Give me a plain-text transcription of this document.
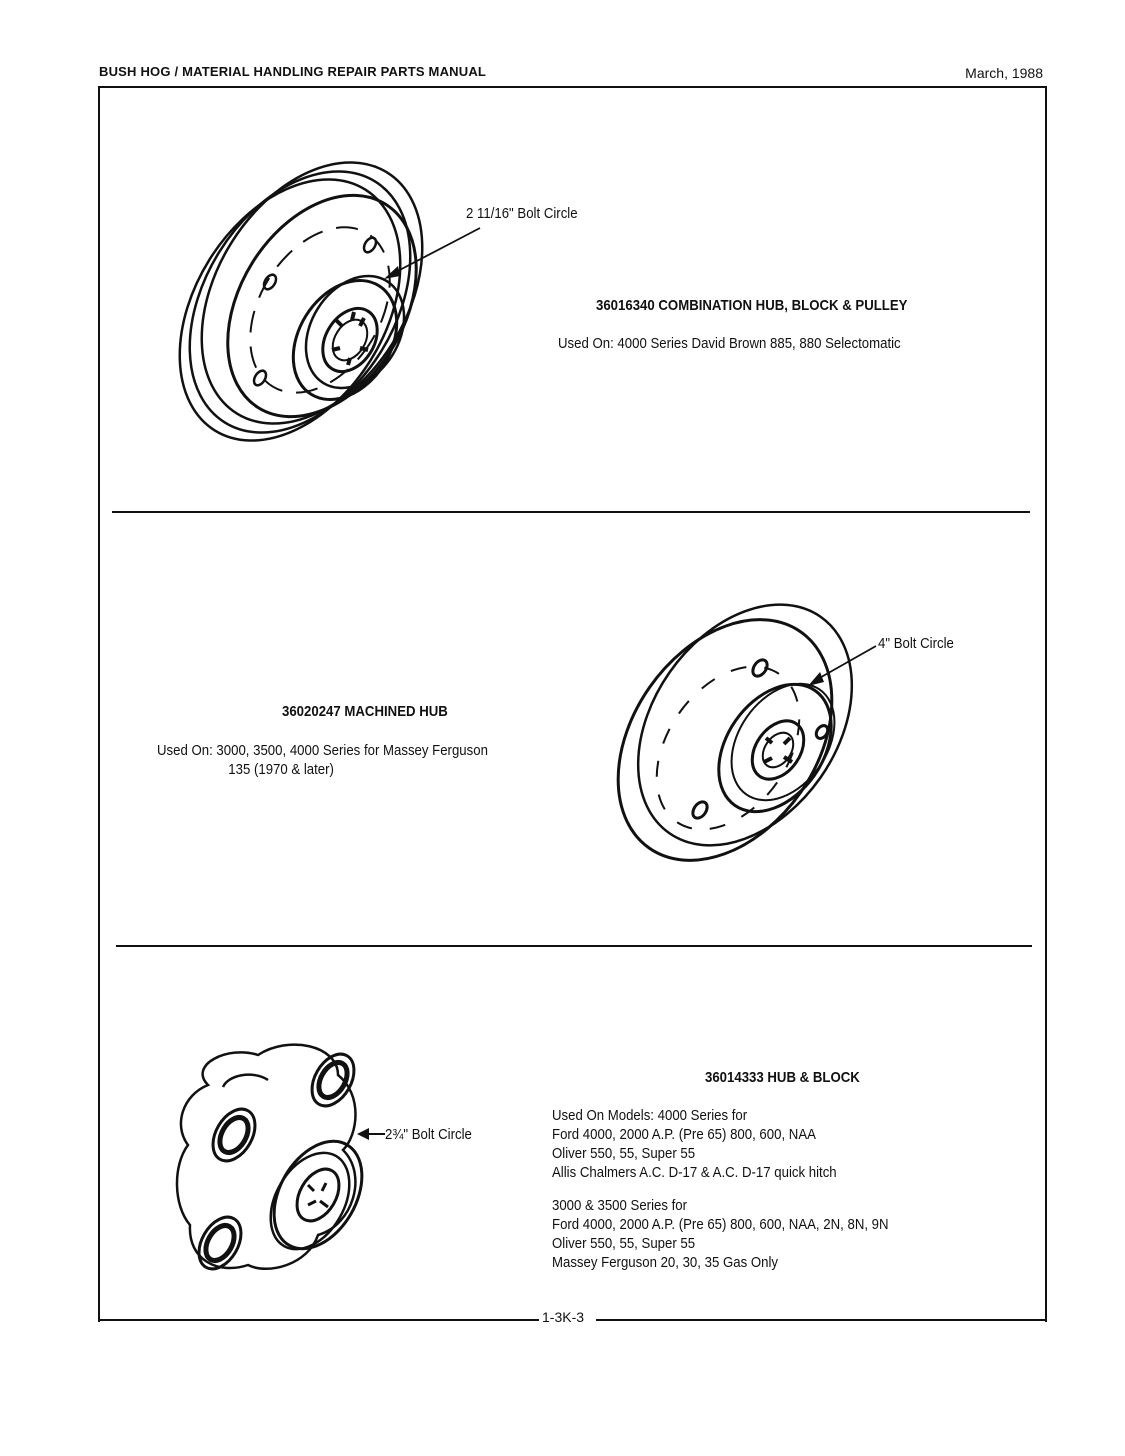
BUSH HOG / MATERIAL HANDLING REPAIR PARTS MANUAL	March, 1988
1-3K-3
2 11/16" Bolt Circle
36016340 COMBINATION HUB, BLOCK & PULLEY
Used On: 4000 Series David Brown 885, 880 Selectomatic
4" Bolt Circle
36020247 MACHINED HUB
Used On: 3000, 3500, 4000 Series for Massey Ferguson
135 (1970 & later)
2¾" Bolt Circle
36014333 HUB & BLOCK
Used On Models: 4000 Series for
Ford 4000, 2000 A.P. (Pre 65) 800, 600, NAA
Oliver 550, 55, Super 55
Allis Chalmers A.C. D-17 & A.C. D-17 quick hitch
3000 & 3500 Series for
Ford 4000, 2000 A.P. (Pre 65) 800, 600, NAA, 2N, 8N, 9N
Oliver 550, 55, Super 55
Massey Ferguson 20, 30, 35 Gas Only
